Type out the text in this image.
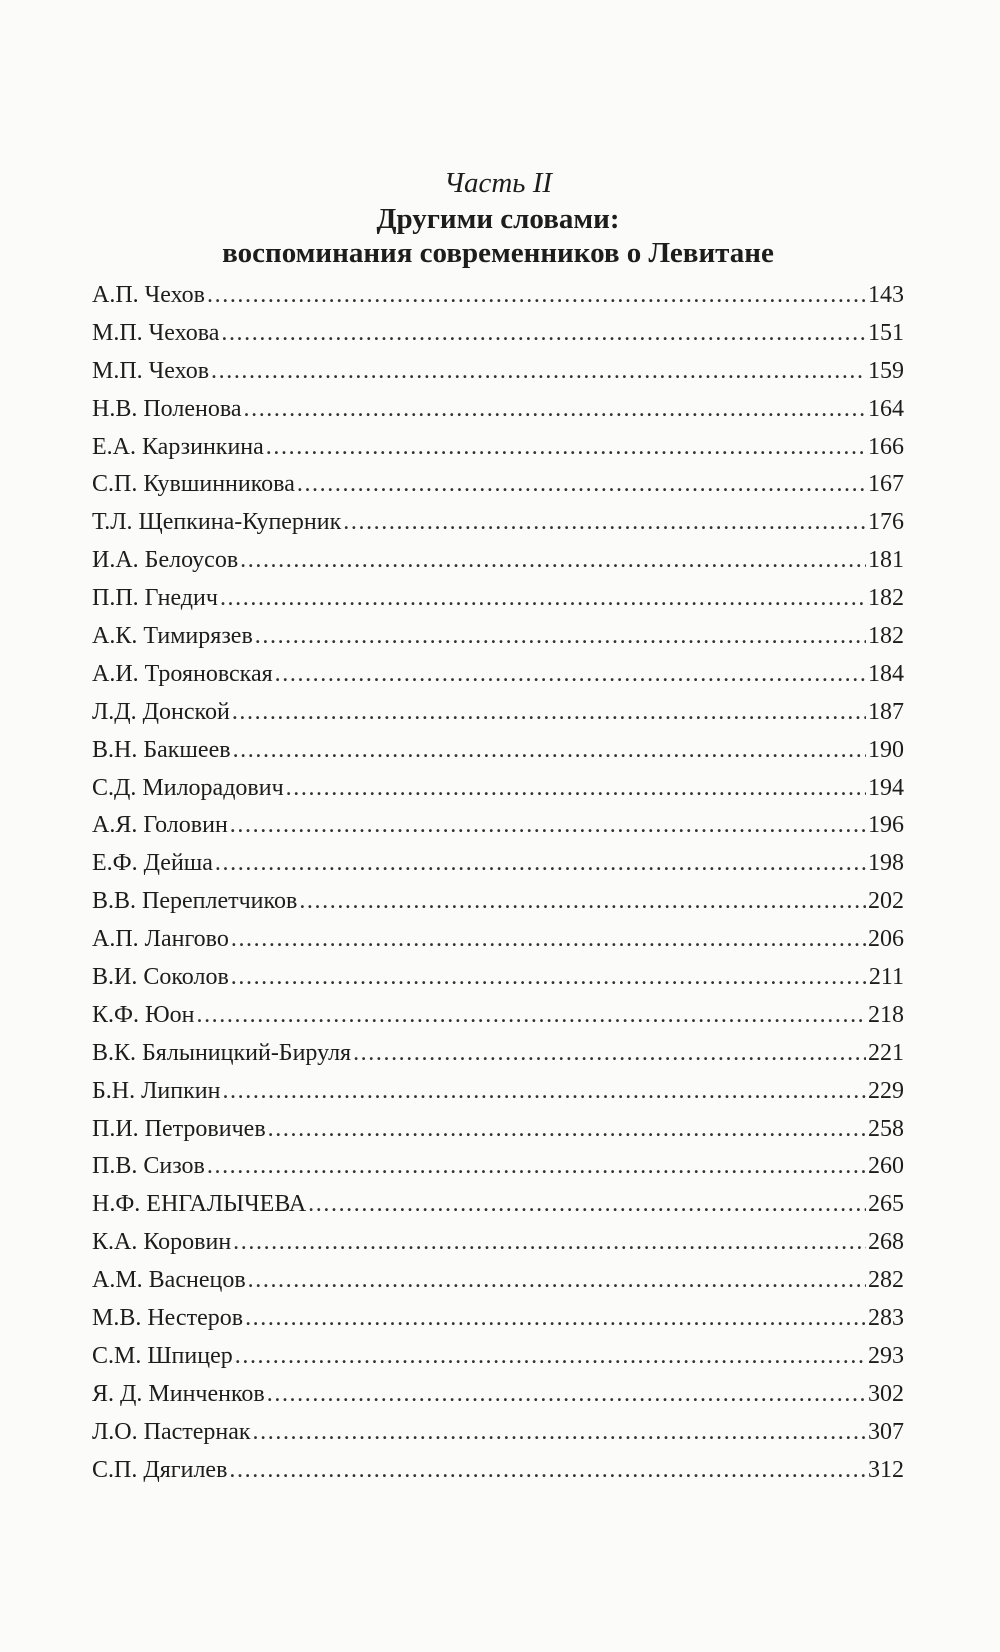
Часть II
Другими словами:
воспоминания современников о Левитане
А.П. Чехов . . .	143
М.П. Чехова . . .	151
М.П. Чехов . . .	159
Н.В. Поленова . . .	164
Е.А. Карзинкина . . .	166
С.П. Кувшинникова . . .	167
Т.Л. Щепкина-Куперник . . .	176
И.А. Белоусов . . .	181
П.П. Гнедич . . .	182
А.К. Тимирязев . . .	182
А.И. Трояновская . . .	184
Л.Д. Донской . . .	187
В.Н. Бакшеев . . .	190
С.Д. Милорадович . . .	194
А.Я. Головин . . .	196
Е.Ф. Дейша . . .	198
В.В. Переплетчиков . . .	202
А.П. Лангово . . .	206
В.И. Соколов . . .	211
К.Ф. Юон . . .	218
В.К. Бялыницкий-Бируля . . .	221
Б.Н. Липкин . . .	229
П.И. Петровичев . . .	258
П.В. Сизов . . .	260
Н.Ф. ЕНГАЛЫЧЕВА . . .	265
К.А. Коровин . . .	268
А.М. Васнецов . . .	282
М.В. Нестеров . . .	283
С.М. Шпицер . . .	293
Я. Д. Минченков . . .	302
Л.О. Пастернак . . .	307
С.П. Дягилев . . .	312
